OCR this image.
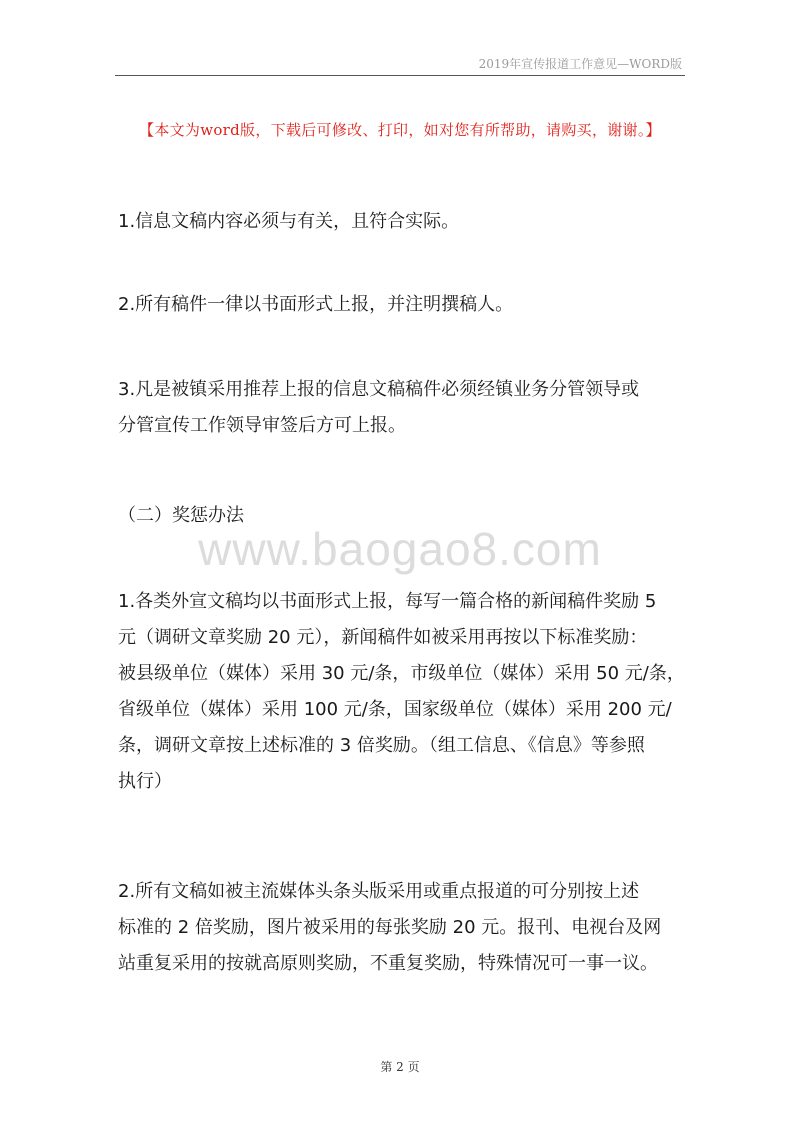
2019年宣传报道工作意见—WORD版
【本文为word版，下载后可修改、打印，如对您有所帮助，请购买，谢谢。】
1.信息文稿内容必须与有关，且符合实际。
2.所有稿件一律以书面形式上报，并注明撰稿人。
3.凡是被镇采用推荐上报的信息文稿稿件必须经镇业务分管领导或
分管宣传工作领导审签后方可上报。
（二）奖惩办法
www.baogao8.com
1.各类外宣文稿均以书面形式上报，每写一篇合格的新闻稿件奖励 5
元（调研文章奖励 20 元），新闻稿件如被采用再按以下标准奖励：
被县级单位（媒体）采用 30 元/条，市级单位（媒体）采用 50 元/条，
省级单位（媒体）采用 100 元/条，国家级单位（媒体）采用 200 元/
条，调研文章按上述标准的 3 倍奖励。（组工信息、《信息》等参照
执行）
2.所有文稿如被主流媒体头条头版采用或重点报道的可分别按上述
标准的 2 倍奖励，图片被采用的每张奖励 20 元。报刊、电视台及网
站重复采用的按就高原则奖励，不重复奖励，特殊情况可一事一议。
第 2 页
